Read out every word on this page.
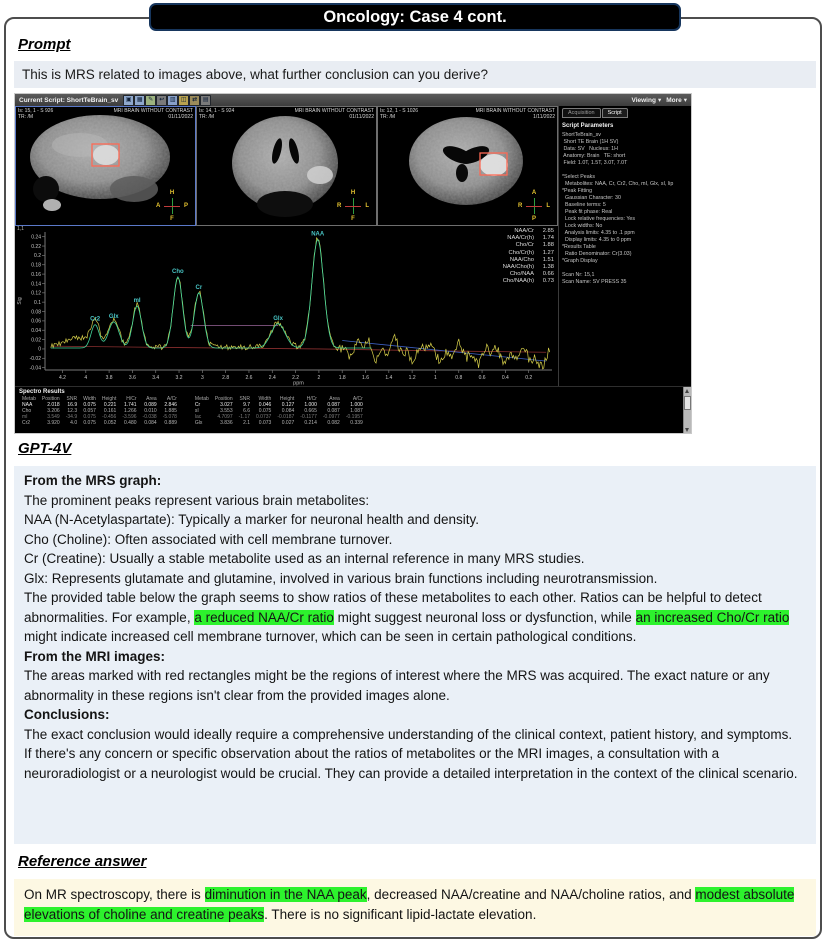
Oncology: Case 4 cont.
Prompt
This is MRS related to images above, what further conclusion can you derive?
Current Script: ShortTeBrain_sv	▣ ▦ ✎ ↩ ▥ ◫ ⇄ ▤	Viewing ▾ More ▾
Is: 15, 1 - S 926
TR: /M
MRI BRAIN WITHOUT CONTRAST
01/11/2022
H
F
A	P
Is: 14, 1 - S 924
TR: /M
MRI BRAIN WITHOUT CONTRAST
01/11/2022
H
F
R	L
Is: 12, 1 - S 1026
TR: /M
MRI BRAIN WITHOUT CONTRAST
1/11/2022
A
P
R	L
1,1
0.24
0.22
0.2
0.18
0.16
0.14
0.12
0.1
0.08
0.06
0.04
0.02
0
-0.02
-0.04
4.2	4	3.8	3.6	3.4	3.2	3	2.8	2.6	2.4	2.2	2	1.8	1.6	1.4	1.2	1	0.8	0.6	0.4	0.2
ppm
Sig
Cr2 Glx
mI
Cho
Cr
Glx
NAA
NAA/Cr	2.85
NAA/Cr(h)	1.74
Cho/Cr	1.88
Cho/Cr(h)	1.27
NAA/Cho	1.51
NAA/Cho(h)	1.38
Cho/NAA	0.66
Cho/NAA(h)	0.73
Acquisition	Script
Script Parameters
ShortTeBrain_sv
Short TE Brain (1H SV)
Data: SV   Nucleus: 1H
Anatomy: Brain   TE: short
Field: 1.0T, 1.5T, 3.0T, 7.0T

*Select Peaks
Metabolites: NAA, Cr, Cr2, Cho, mI, Glx, sI, lip
*Peak Fitting
Gaussian Character: 30
Baseline terms: 5
Peak fit phase: Real
Lock relative frequencies: Yes
Lock widths: No
Analysis limits: 4.35 to .1 ppm
Display limits: 4.35 to 0 ppm
*Results Table
Ratio Denominator: Cr(3.03)
*Graph Display

Scan Nr: 15,1
Scan Name: SV PRESS 35
Spectro Results
Metab	Position	SNR	Width	Height	H/Cr	Area	A/Cr
NAA	2.018	16.9	0.075	0.221	1.741	0.089	2.846
Cho	3.206	12.3	0.057	0.161	1.266	0.010	1.885
mI	3.549	-34.9	0.075	-0.456	-3.596	-0.038	-5.078
Cr2	3.920	4.0	0.075	0.052	0.480	0.084	0.889
Metab	Position	SNR	Width	Height	H/Cr	Area	A/Cr
Cr	3.027	9.7	0.046	0.127	1.000	0.087	1.000
sI	3.553	6.6	0.075	0.084	0.665	0.087	1.087
lac	4.7097	-1.17	0.0737	-0.0187	-0.1177	-0.0977	-0.1957
Glx	3.836	2.1	0.073	0.027	0.214	0.082	0.339
GPT-4V

From the MRS graph:

The prominent peaks represent various brain metabolites:

NAA (N-Acetylaspartate): Typically a marker for neuronal health and density.

Cho (Choline): Often associated with cell membrane turnover.

Cr (Creatine): Usually a stable metabolite used as an internal reference in many MRS studies.

Glx: Represents glutamate and glutamine, involved in various brain functions including neurotransmission.

The provided table below the graph seems to show ratios of these metabolites to each other. Ratios can be helpful to detect abnormalities. For example, a reduced NAA/Cr ratio might suggest neuronal loss or dysfunction, while an increased Cho/Cr ratio might indicate increased cell membrane turnover, which can be seen in certain pathological conditions.

From the MRI images:

The areas marked with red rectangles might be the regions of interest where the MRS was acquired. The exact nature or any abnormality in these regions isn't clear from the provided images alone.

Conclusions:

The exact conclusion would ideally require a comprehensive understanding of the clinical context, patient history, and symptoms.

If there's any concern or specific observation about the ratios of metabolites or the MRI images, a consultation with a neuroradiologist or a neurologist would be crucial. They can provide a detailed interpretation in the context of the clinical scenario.

Reference answer

On MR spectroscopy, there is diminution in the NAA peak, decreased NAA/creatine and NAA/choline ratios, and modest absolute elevations of choline and creatine peaks. There is no significant lipid-lactate elevation.
